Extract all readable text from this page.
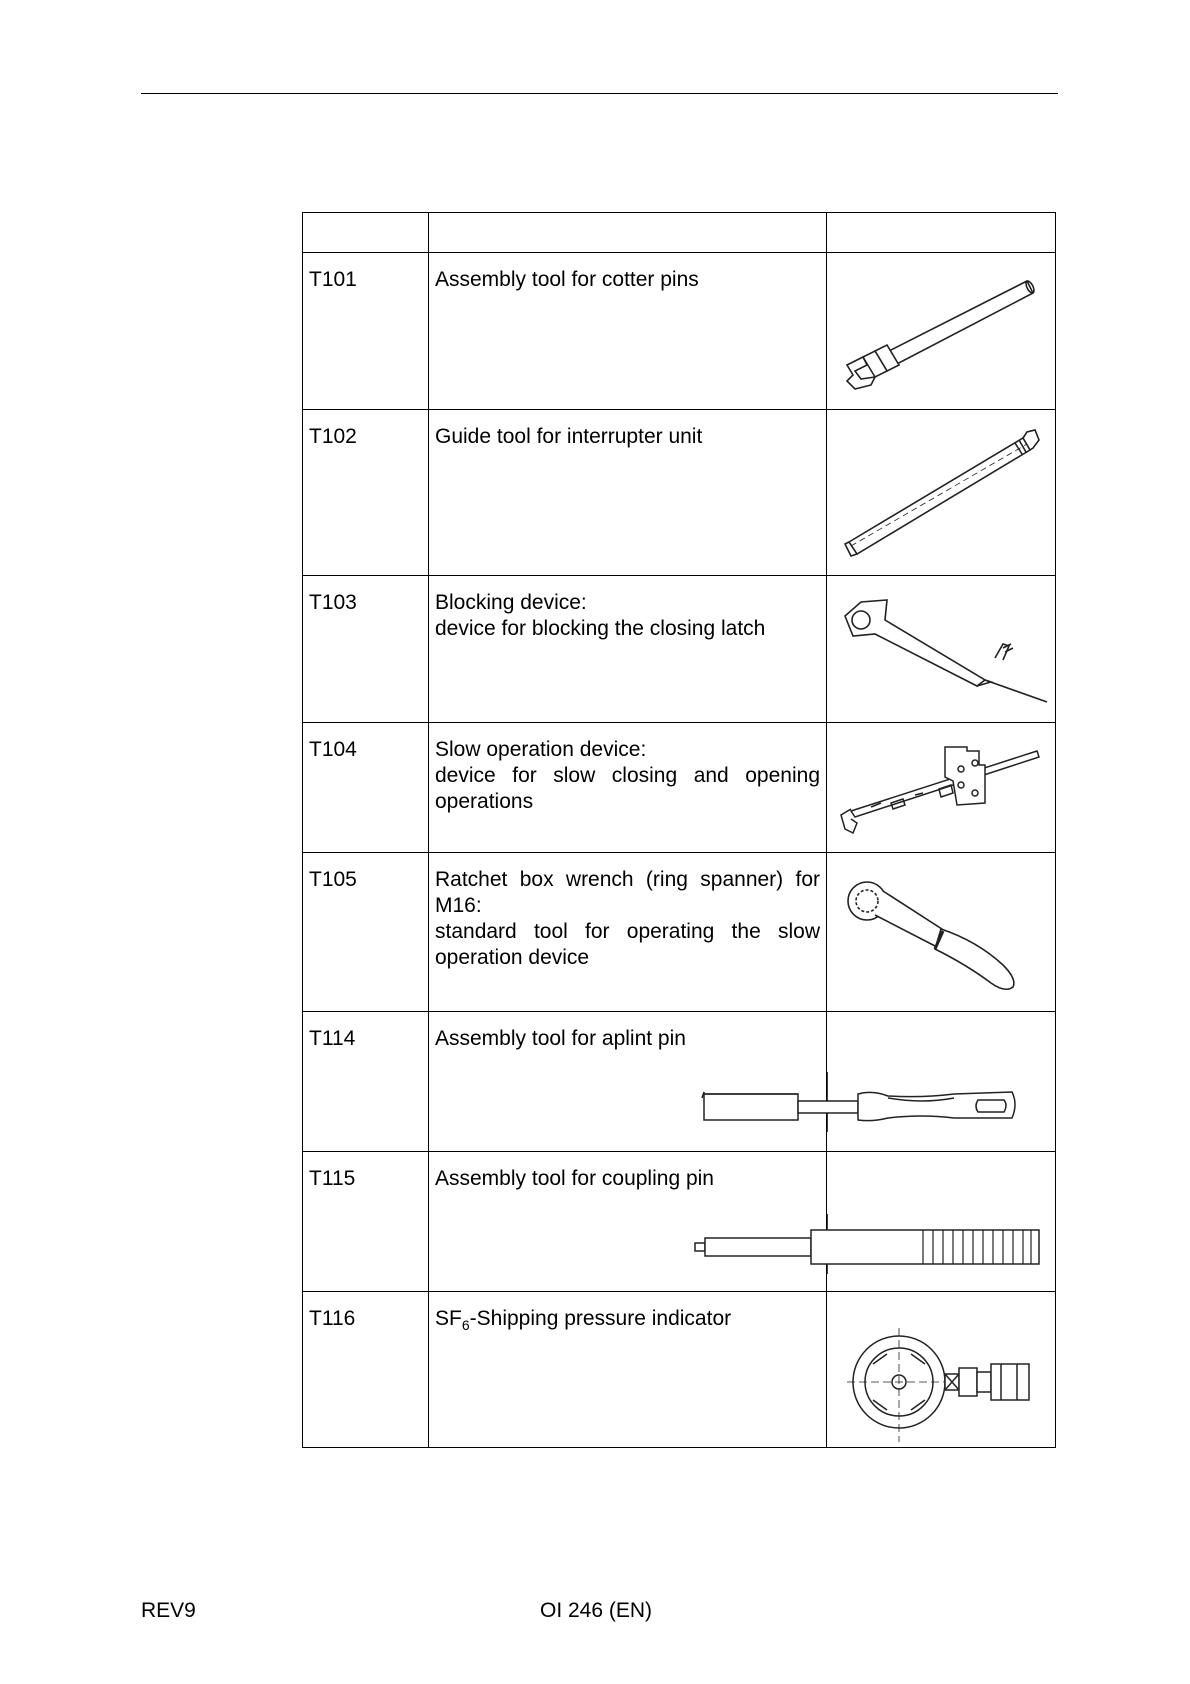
T101	Assembly tool for cotter pins

T102	Guide tool for interrupter unit

T103	Blocking device:
device for blocking the closing latch

T104	Slow operation device:
device for slow closing and opening operations

T105	Ratchet box wrench (ring spanner) for M16:
standard tool for operating the slow operation device

T114	Assembly tool for aplint pin

T115	Assembly tool for coupling pin

T116	$SF_6$-Shipping pressure indicator

REV9	OI 246 (EN)
